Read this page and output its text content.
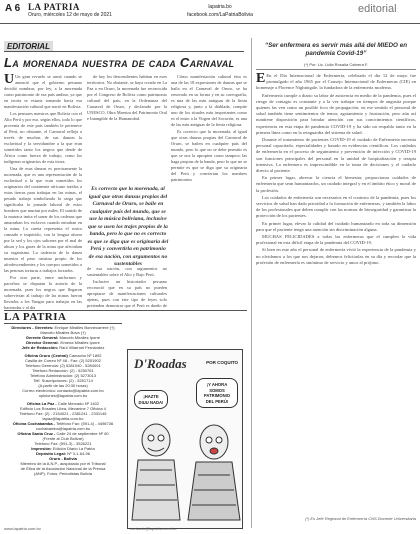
A 6 LA PATRIA
Oruro, miércoles 12 de mayo de 2021
lapatria.bo
facebook.com/LaPatriaBolivia	editorial
EDITORIAL
La morenada nuestra de cada Carnaval

U Un gran revuelo se armó cuando se anunció que el gobierno peruano decidió nombrar, por ley, a la morenada como patrimonio de esa país andino, ya que en teoría se estaría tomando hacia esa manifestación cultural que nació en Bolivia.

Los pensares nuestros que Bolivia con el Alto Perú y por eso, según ellos, todo lo que provenía de este país también le pertenece al Perú, no obstante, el Carnaval refleja a través de muchas de sus danzas la esclavitud y la servidumbre a la que eran sometidos tanto los negros que desde de África como fuerza de trabajo, como los indígenas originarios de esta tierra.

Una de esas danzas es precisamente la morenada, que es una representación de la esclavitud a la que eran sometidos los originarios del continente africano traídos a estas tierras para trabajar en las minas, el pesado trabajo simbolizado la carga que significaba la jornada laboral de estos hombres que murían por miles. El sonido de la matraca imita el sonar de los cadenas que amarraban los esclavos cuando entraban en la mina. La careta representa el rostro cansado e impávido, con la lengua afuera por la sed y los ojos saltones por el mal de altura y los gases de la mina que afectaban su organismo. La cadencia de la danza muestra el paso cansino propio de los afrodescendientes y los cuerpos sometidos a las penosas torturas a trabajos forzados.

Por otra parte, entre uniformes y pacerhos se disputan la autoría de la morenada, pues los negros que llegaron sobrevivían al trabajo de las minas fueron llevados a los Yungas para trabajar en las haciendas y al día

de hoy los descendientes habitan en esos territorios. No obstante, se haya creado en La Paz o en Oruro, la morenada fue reconocida por el Congreso de Bolivia como patrimonio cultural del país, en la Ordenanza del Carnaval de Oruro, y declarado por la UNESCO, Obra Maestra del Patrimonio Oral e Intangible de la Humanidad.

Es correcto que la morenada, al igual que otras danzas propias del Carnaval de Oruro, se baile en cualquier país del mundo, que se use la música boliviana, inclusive que se usen los trajes propios de la banda, pero lo que no es correcto es que se diga que es originaria del Perú y convertirla en patrimonio de esa nación, con argumentos no sustentables

de esa nación, con argumentos no sustentables sobre el Alto y Bajo Perú.

Inclusive un historiador peruano reconoció que en su país no pueden apropiarse de manifestaciones culturales ajenas, pues con este tipo de leyes solo pretenden demostrar que el Perú es dueño de

Cómo manifestación cultural ésta es una de las 18 expresiones de danzas que se baila en el Carnaval de Oruro, se ha renovado en su forma y en su coreografía, es una de las más antiguas de la fiesta religiosa y, junto a la diablada, compite uno de los rituales más importantes como es el entro a la Virgen del Socavón, es una de las más antiguas de la fiesta religiosa.

Es correcto que la morenada, al igual que otras danzas propias del Carnaval de Oruro, se bailen en cualquier país del mundo, pero lo que no se debe permitir es que se nos la apropien como tampoco las haga propias de la banda, pero lo que no se permite es que se diga que su originaria del Perú y conviertan los nombres patrimonios

“Ser enfermera es servir más allá del MIEDO en pandemia Covid-19”
(*) Por: Lic. Lidia Rosalía Cabrera F.

E En el Día Internacional de Enfermería, celebrado el día 12 de mayo fue promulgado el año 1965 por el Consejo Internacional de Enfermeras (CIE) en homenaje a Florence Nightingale, la fundadora de la enfermería moderna.

Enfermería cumple a diario su labor de asistencia en medio de la pandemia, pues el riesgo de contagio es constante y a la vez trabajar en tiempos de angustia porque quienes las ven como un posible foco de propagación, en ese sentido el personal de salud también tiene sentimientos de temor, agotamiento y frustración, pero aún así mantiene disposición para brindar atención con sus conocimientos científicos, experiencia en esta etapa de pandemia COVID-19 y ha sido un respaldo tanto en la primera línea como en la retaguardia del sistema de salud.

Durante el tratamiento de pacientes COVID-19 el cuidado de Enfermería necesita personal capacitado, especialidades y basado en evidencias científicas. Los cuidados de enfermería en el proceso de seguimiento y prevención de infección y COVID-19 son funciones principales del personal en la unidad de hospitalización y terapia intensiva. La enfermera es imprescindible en la toma de decisiones y el cuidado directo al paciente.

En primer lugar, abrevar la ciencia el bienestar, proporcionar cuidados de enfermería que sean humanizados, un cuidado integral y en el ámbito ético y moral de la profesión.

Los cuidados de enfermería son necesarios en el contexto de la pandemia, pues los servicios de salud han dado prioridad a la formación de enfermeras, y también la labor de los profesionales que deben cumplir con las normas de bioseguridad y garantizar la protección de los pacientes.

En primer lugar, elevar la calidad del cuidado humanizado en toda su dimensión para que el paciente tenga una atención sin discriminación alguna.

MUCHAS FELICIDADES a todas las enfermeras que el cumplen la vida profesional en esta difícil etapa de la pandemia del COVID-19.

Si bien en este año el personal de enfermería vivió la experiencia de la pandemia y no olvidamos a los que nos dejaron, debemos felicitarlas en su día y recordar que la profesión de enfermería es sinónimo de servicio y amor al prójimo.

(*) Es Jefe Regional de Enfermería CNS Docente Universitaria
LA PATRIA
Directores - Gerentes: Enrique Miralles Bonnecarrere (†)
Marcelo Miralles Bova (†)
Gerente General: Marcelo Miralles Iporre
Director General: Ximena Miralles Iporre
Jefe de Redacción: Raúl Villarroel Fernández
Oficina Oruro (Central) Camacho Nº 1892
Casilla de Correo Nº 48 - Fax: (2) 5251902
Telefono Gerencia: (2) 5281040 - 5284001
Telefono Redacción: (2) - 5250761
Telefono Administración: (2) 5273013
Telf. Suscripciones: (2) - 5251714
(A partir de las 20:30 horas)
Correo electrónico: contacto@lapatria.com.bo
opiniones@lapatria.com.bo
Oficina La Paz - Calle Mercado Nº 1402
Edificio Los Rosales Libra, Mezanine 7 Oficina 4
Telefono Fax: (2) - 2154021 - 2381241 - 2331145
lapaz@lapatria.com.bo
Oficina Cochabamba - Teléfono Fax: (591-4) - 4496736
cochabamba@lapatria.com.bo
Oficina Santa Cruz - Calle 24 de septiembre Nº 60
(Frente al Club Bolivar)
Telefono Fax: (591-3) - 3526221
Impresión: Edición Diario La Patria
Depósito Legal: Nº 3-1-64-96
Oruro - Bolivia
Miembro de la A.N.P., auspiciado por el Tribunal
de Ética de la Asociación Nacional de la Prensa
(ANP). Fotos: Periodistas Bolivia
D'Roadas	POR COQUITO
¡HAZTE DIUU NADA!
¡Y AHORA SOMOS PATRIMONIO DEL PERÚ!
www.lapatria.com.bo	contacto@lapatria.com.bo
